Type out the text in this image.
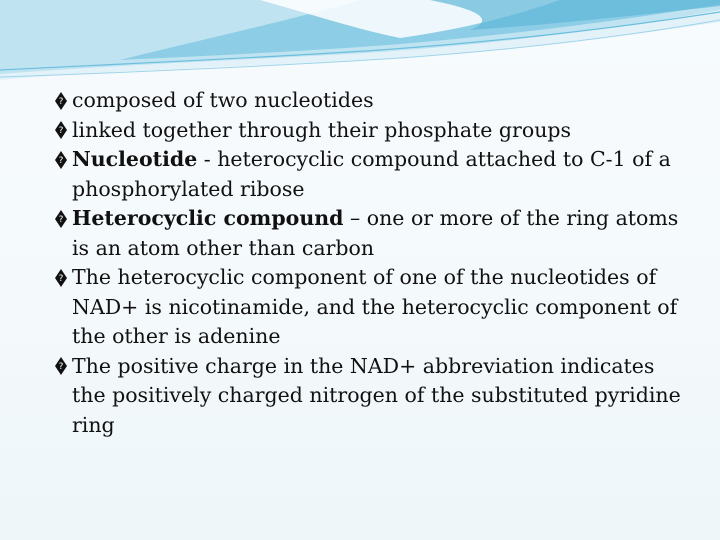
? composed of two nucleotides
? linked together through their phosphate groups
? Nucleotide - heterocyclic compound attached to C-1 of a phosphorylated ribose
? Heterocyclic compound – one or more of the ring atoms is an atom other than carbon
? The heterocyclic component of one of the nucleotides of NAD+ is nicotinamide, and the heterocyclic component of the other is adenine
? The positive charge in the NAD+ abbreviation indicates the positively charged nitrogen of the substituted pyridine ring
